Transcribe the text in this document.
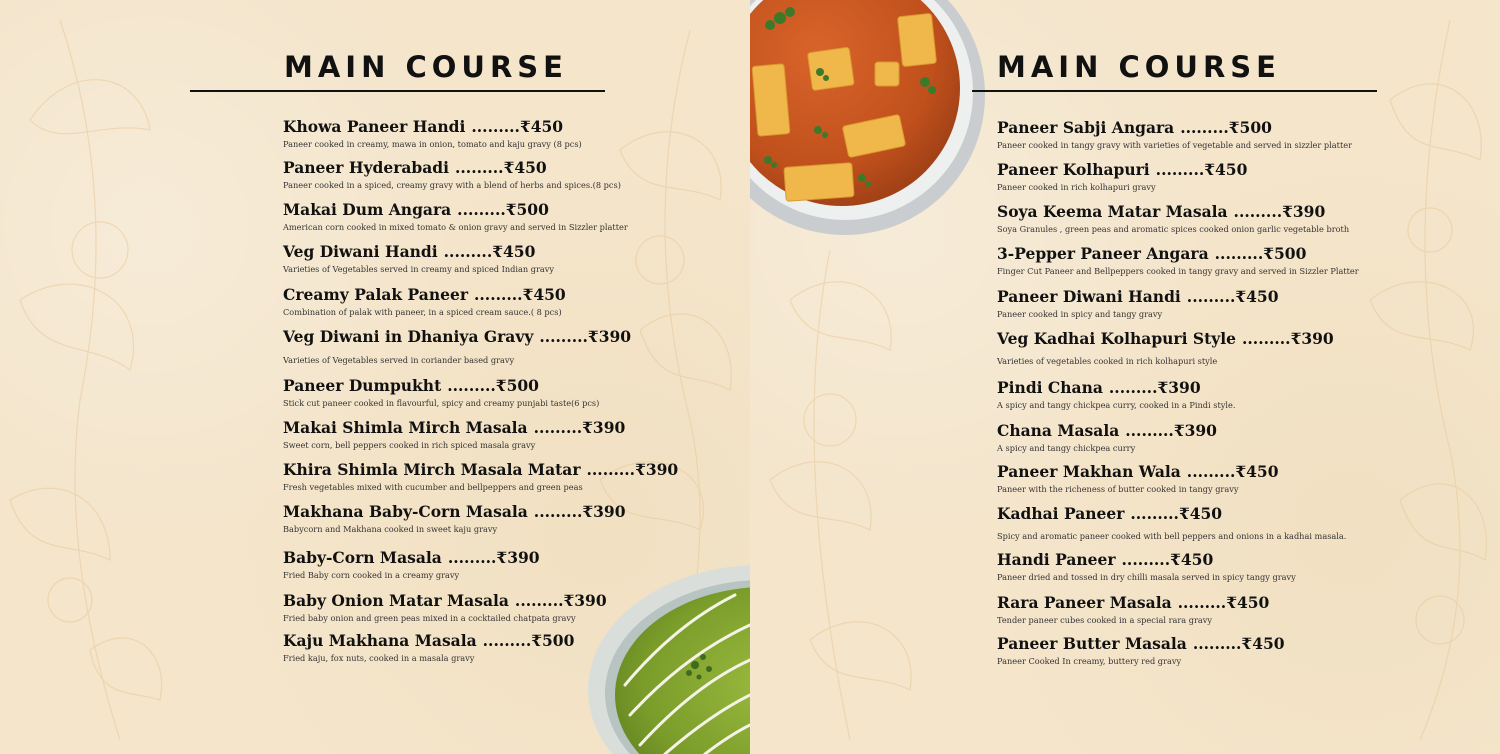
MAIN COURSE
Khowa Paneer Handi .........₹450
Paneer cooked in creamy, mawa in onion, tomato and kaju gravy (8 pcs)
Paneer Hyderabadi .........₹450
Paneer cooked in a spiced, creamy gravy with a blend of herbs and spices.(8 pcs)
Makai Dum Angara .........₹500
American corn cooked in mixed tomato & onion gravy and served in Sizzler platter
Veg Diwani Handi .........₹450
Varieties of Vegetables served in creamy and spiced Indian gravy
Creamy Palak Paneer .........₹450
Combination of palak with paneer, in a spiced cream sauce.( 8 pcs)
Veg Diwani in Dhaniya Gravy .........₹390
Varieties of Vegetables served in coriander based gravy
Paneer Dumpukht .........₹500
Stick cut paneer cooked in flavourful, spicy and creamy punjabi taste(6 pcs)
Makai Shimla Mirch Masala .........₹390
Sweet corn, bell peppers cooked in rich spiced masala gravy
Khira Shimla Mirch Masala Matar .........₹390
Fresh vegetables mixed with cucumber and bellpeppers and green peas
Makhana Baby-Corn Masala .........₹390
Babycorn and Makhana cooked in sweet kaju gravy
Baby-Corn Masala .........₹390
Fried Baby corn cooked in a creamy gravy
Baby Onion Matar Masala .........₹390
Fried baby onion and green peas mixed in a cocktailed chatpata gravy
Kaju Makhana Masala .........₹500
Fried kaju, fox nuts, cooked in a masala gravy
MAIN COURSE
Paneer Sabji Angara .........₹500
Paneer cooked in tangy gravy with varieties of vegetable and served in sizzler platter
Paneer Kolhapuri .........₹450
Paneer cooked in rich kolhapuri gravy
Soya Keema Matar Masala .........₹390
Soya Granules , green peas and aromatic spices cooked onion garlic vegetable broth
3-Pepper Paneer Angara .........₹500
Finger Cut Paneer and Bellpeppers cooked in tangy gravy and served in Sizzler Platter
Paneer Diwani Handi .........₹450
Paneer cooked in spicy and tangy gravy
Veg Kadhai Kolhapuri Style .........₹390
Varieties of vegetables cooked in rich kolhapuri style
Pindi Chana .........₹390
A spicy and tangy chickpea curry, cooked in a Pindi style.
Chana Masala .........₹390
A spicy and tangy chickpea curry
Paneer Makhan Wala .........₹450
Paneer with the richeness of butter cooked in tangy gravy
Kadhai Paneer .........₹450
Spicy and aromatic paneer cooked with bell peppers and onions in a kadhai masala.
Handi Paneer .........₹450
Paneer dried and tossed in dry chilli masala served in spicy tangy gravy
Rara Paneer Masala .........₹450
Tender paneer cubes cooked in a special rara gravy
Paneer Butter Masala .........₹450
Paneer Cooked In creamy, buttery red gravy
